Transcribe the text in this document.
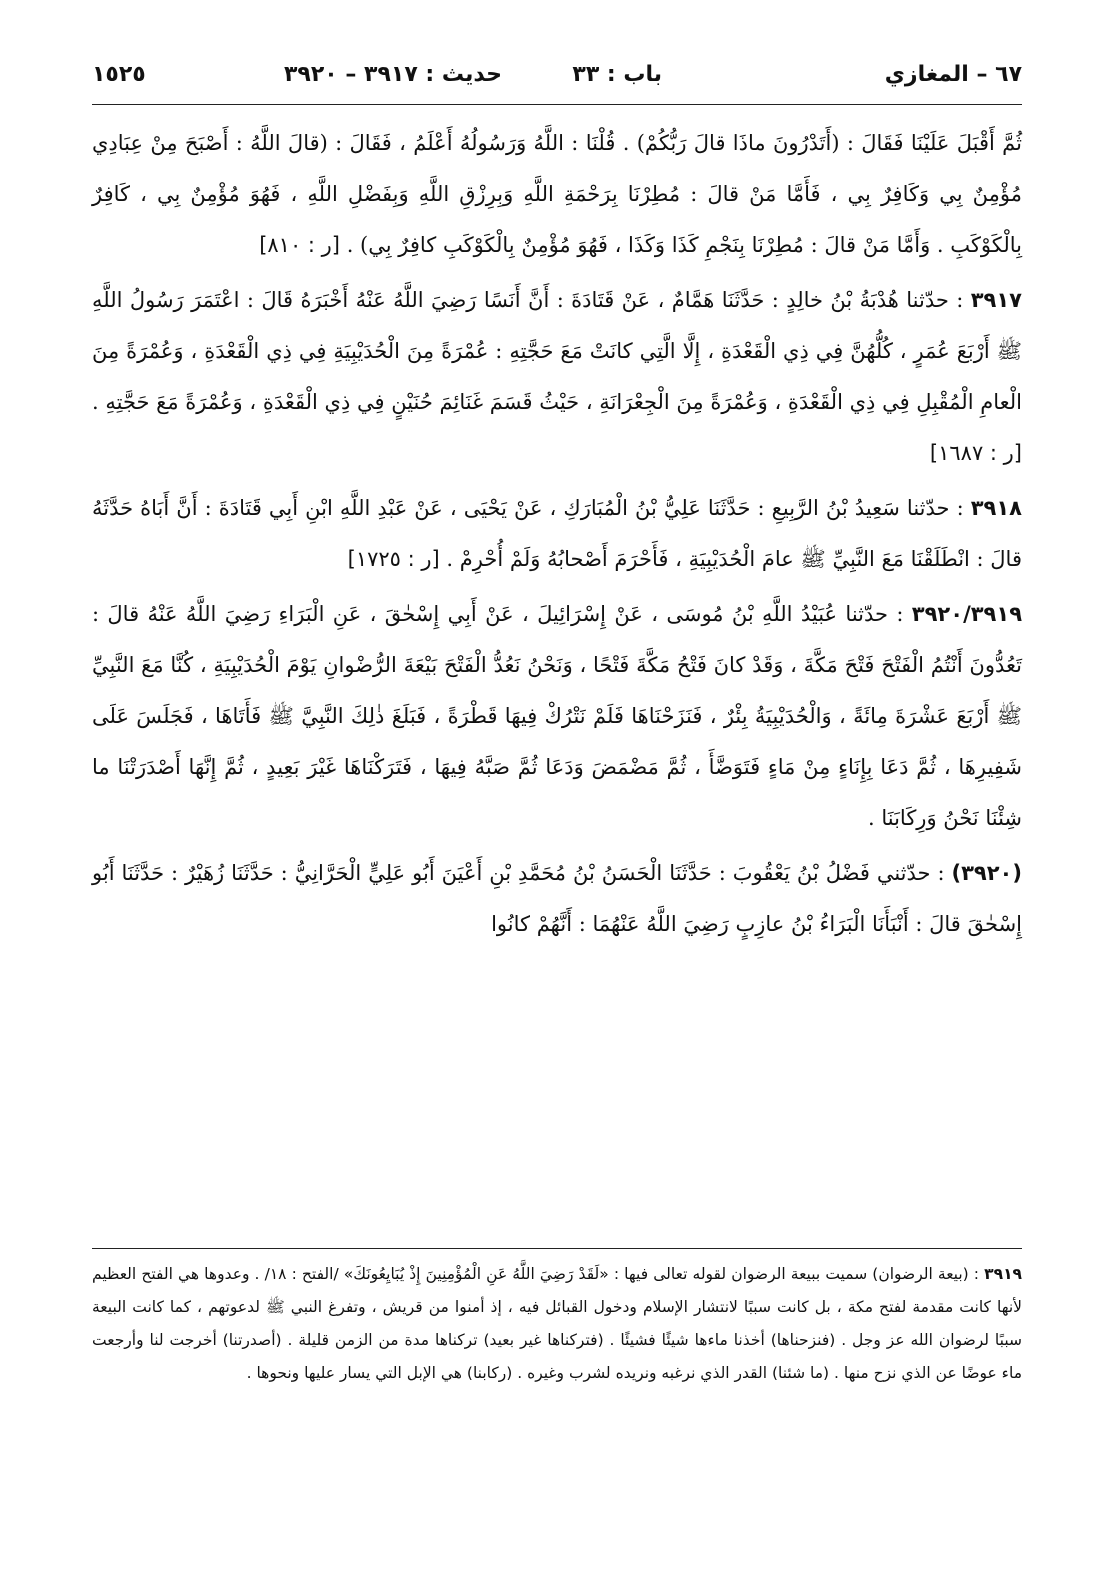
٦٧ – المغازي
باب : ٣٣
حديث : ٣٩١٧ – ٣٩٢٠
١٥٢٥

ثُمَّ أَقْبَلَ عَلَيْنَا فَقَالَ : (أَتَدْرُونَ ماذَا قالَ رَبُّكُمْ) . قُلْنَا : اللَّهُ وَرَسُولُهُ أَعْلَمُ ، فَقَالَ : (قالَ اللَّهُ : أَصْبَحَ مِنْ عِبَادِي مُؤْمِنٌ بِي وَكَافِرٌ بِي ، فَأَمَّا مَنْ قالَ : مُطِرْنَا بِرَحْمَةِ اللَّهِ وَبِرِزْقِ اللَّهِ وَبِفَضْلِ اللَّهِ ، فَهُوَ مُؤْمِنٌ بِي ، كَافِرٌ بِالْكَوْكَبِ . وَأَمَّا مَنْ قالَ : مُطِرْنَا بِنَجْمِ كَذَا وَكَذَا ، فَهُوَ مُؤْمِنٌ بِالْكَوْكَبِ كافِرٌ بِي) . [ر : ٨١٠]

٣٩١٧ : حدّثنا هُدْبَةُ بْنُ خالِدٍ : حَدَّثَنَا هَمَّامٌ ، عَنْ قَتَادَةَ : أَنَّ أَنَسًا رَضِيَ اللَّهُ عَنْهُ أَخْبَرَهُ قَالَ : اعْتَمَرَ رَسُولُ اللَّهِ ﷺ أَرْبَعَ عُمَرٍ ، كُلُّهُنَّ فِي ذِي الْقَعْدَةِ ، إِلَّا الَّتِي كانَتْ مَعَ حَجَّتِهِ : عُمْرَةً مِنَ الْحُدَيْبِيَةِ فِي ذِي الْقَعْدَةِ ، وَعُمْرَةً مِنَ الْعامِ الْمُقْبِلِ فِي ذِي الْقَعْدَةِ ، وَعُمْرَةً مِنَ الْجِعْرَانَةِ ، حَيْثُ قَسَمَ غَنَائِمَ حُنَيْنٍ فِي ذِي الْقَعْدَةِ ، وَعُمْرَةً مَعَ حَجَّتِهِ . [ر : ١٦٨٧]

٣٩١٨ : حدّثنا سَعِيدُ بْنُ الرَّبِيعِ : حَدَّثَنَا عَلِيُّ بْنُ الْمُبَارَكِ ، عَنْ يَحْيَى ، عَنْ عَبْدِ اللَّهِ ابْنِ أَبِي قَتَادَةَ : أَنَّ أَبَاهُ حَدَّثَهُ قالَ : انْطَلَقْنَا مَعَ النَّبِيِّ ﷺ عامَ الْحُدَيْبِيَةِ ، فَأَحْرَمَ أَصْحابُهُ وَلَمْ أُحْرِمْ . [ر : ١٧٢٥]

٣٩٢٠/٣٩١٩ : حدّثنا عُبَيْدُ اللَّهِ بْنُ مُوسَى ، عَنْ إِسْرَائِيلَ ، عَنْ أَبِي إِسْحٰقَ ، عَنِ الْبَرَاءِ رَضِيَ اللَّهُ عَنْهُ قالَ : تَعُدُّونَ أَنْتُمُ الْفَتْحَ فَتْحَ مَكَّةَ ، وَقَدْ كانَ فَتْحُ مَكَّةَ فَتْحًا ، وَنَحْنُ نَعُدُّ الْفَتْحَ بَيْعَةَ الرُّضْوانِ يَوْمَ الْحُدَيْبِيَةِ ، كُنَّا مَعَ النَّبِيِّ ﷺ أَرْبَعَ عَشْرَةَ مِائَةً ، وَالْحُدَيْبِيَةُ بِئْرٌ ، فَنَزَحْنَاهَا فَلَمْ نَتْرُكْ فِيهَا قَطْرَةً ، فَبَلَغَ ذٰلِكَ النَّبِيَّ ﷺ فَأَتَاهَا ، فَجَلَسَ عَلَى شَفِيرِهَا ، ثُمَّ دَعَا بِإِنَاءٍ مِنْ مَاءٍ فَتَوَضَّأَ ، ثُمَّ مَضْمَضَ وَدَعَا ثُمَّ صَبَّهُ فِيهَا ، فَتَرَكْنَاهَا غَيْرَ بَعِيدٍ ، ثُمَّ إِنَّهَا أَصْدَرَتْنَا ما شِئْنَا نَحْنُ وَرِكَابَنَا .

(٣٩٢٠) : حدّثني فَضْلُ بْنُ يَعْقُوبَ : حَدَّثَنَا الْحَسَنُ بْنُ مُحَمَّدِ بْنِ أَعْيَنَ أَبُو عَلِيٍّ الْحَرَّانِيُّ : حَدَّثَنَا زُهَيْرٌ : حَدَّثَنَا أَبُو إِسْحٰقَ قالَ : أَنْبَأَنَا الْبَرَاءُ بْنُ عازِبٍ رَضِيَ اللَّهُ عَنْهُمَا : أَنَّهُمْ كانُوا

٣٩١٩ : (بيعة الرضوان) سميت ببيعة الرضوان لقوله تعالى فيها : «لَقَدْ رَضِيَ اللَّهُ عَنِ الْمُؤْمِنِينَ إِذْ يُبَايِعُونَكَ» /الفتح : ١٨/ . وعدوها هي الفتح العظيم لأنها كانت مقدمة لفتح مكة ، بل كانت سببًا لانتشار الإسلام ودخول القبائل فيه ، إذ أمنوا من قريش ، وتفرغ النبي ﷺ لدعوتهم ، كما كانت البيعة سببًا لرضوان الله عز وجل . (فنزحناها) أخذنا ماءها شيئًا فشيئًا . (فتركناها غير بعيد) تركناها مدة من الزمن قليلة . (أصدرتنا) أخرجت لنا وأرجعت ماء عوضًا عن الذي نزح منها . (ما شئنا) القدر الذي نرغبه ونريده لشرب وغيره . (ركابنا) هي الإبل التي يسار عليها ونحوها .
